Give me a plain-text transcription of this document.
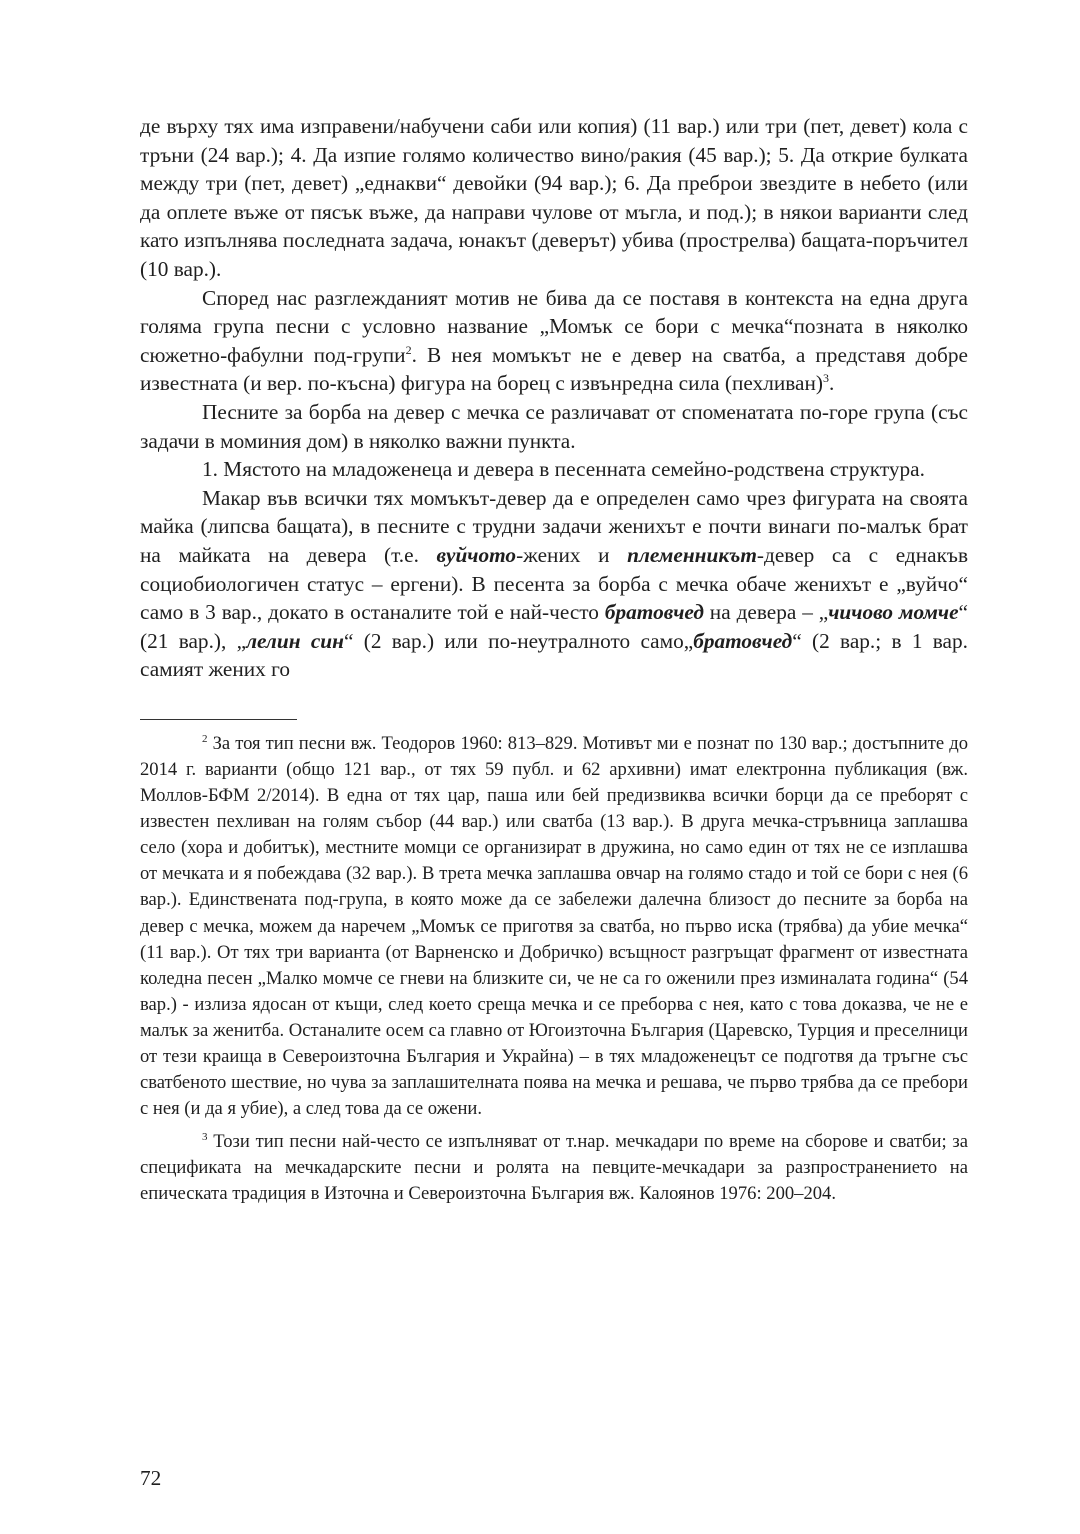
де върху тях има изправени/набучени саби или копия) (11 вар.) или три (пет, девет) кола с тръни (24 вар.); 4. Да изпие голямо количество вино/ракия (45 вар.); 5. Да открие булката между три (пет, девет) „еднакви“ девойки (94 вар.); 6. Да преброи звездите в небето (или да оплете въже от пясък въже, да направи чулове от мъгла, и под.); в някои варианти след като изпълнява последната задача, юнакът (деверът) убива (прострелва) бащата-поръчител (10 вар.).

Според нас разглежданият мотив не бива да се поставя в контекста на една друга голяма група песни с условно название „Момък се бори с мечка“позната в няколко сюжетно-фабулни под-групи$^2$. В нея момъкът не е девер на сватба, а представя добре известната (и вер. по-късна) фигура на борец с извънредна сила (пехливан)$^3$.

Песните за борба на девер с мечка се различават от споменатата по-горе група (със задачи в моминия дом) в няколко важни пункта.

1. Мястото на младоженеца и девера в песенната семейно-родствена структура.

Макар във всички тях момъкът-девер да е определен само чрез фигурата на своята майка (липсва бащата), в песните с трудни задачи женихът е почти винаги по-малък брат на майката на девера (т.е. вуйчото-жених и племенникът-девер са с еднакъв социобиологичен статус – ергени). В песента за борба с мечка обаче женихът е „вуйчо“ само в 3 вар., докато в останалите той е най-често братовчед на девера – „чичово момче“ (21 вар.), „лелин син“ (2 вар.) или по-неутралното само„братовчед“ (2 вар.; в 1 вар. самият жених го

$^2$ За тоя тип песни вж. Теодоров 1960: 813–829. Мотивът ми е познат по 130 вар.; достъпните до 2014 г. варианти (общо 121 вар., от тях 59 публ. и 62 архивни) имат електронна публикация (вж. Моллов-БФМ 2/2014). В една от тях цар, паша или бей предизвиква всички борци да се преборят с известен пехливан на голям събор (44 вар.) или сватба (13 вар.). В друга мечка-стръвница заплашва село (хора и добитък), местните момци се организират в дружина, но само един от тях не се изплашва от мечката и я побеждава (32 вар.). В трета мечка заплашва овчар на голямо стадо и той се бори с нея (6 вар.). Единствената под-група, в която може да се забележи далечна близост до песните за борба на девер с мечка, можем да наречем „Момък се приготвя за сватба, но първо иска (трябва) да убие мечка“ (11 вар.). От тях три варианта (от Варненско и Добричко) всъщност разгръщат фрагмент от известната коледна песен „Малко момче се гневи на близките си, че не са го оженили през изминалата година“ (54 вар.) - излиза ядосан от къщи, след което среща мечка и се преборва с нея, като с това доказва, че не е малък за женитба. Останалите осем са главно от Югоизточна България (Царевско, Турция и преселници от тези краища в Североизточна България и Украйна) – в тях младоженецът се подготвя да тръгне със сватбеното шествие, но чува за заплашителната поява на мечка и решава, че първо трябва да се пребори с нея (и да я убие), а след това да се ожени.

$^3$ Този тип песни най-често се изпълняват от т.нар. мечкадари по време на сборове и сватби; за спецификата на мечкадарските песни и ролята на певците-мечкадари за разпространението на епическата традиция в Източна и Североизточна България вж. Калоянов 1976: 200–204.

72
